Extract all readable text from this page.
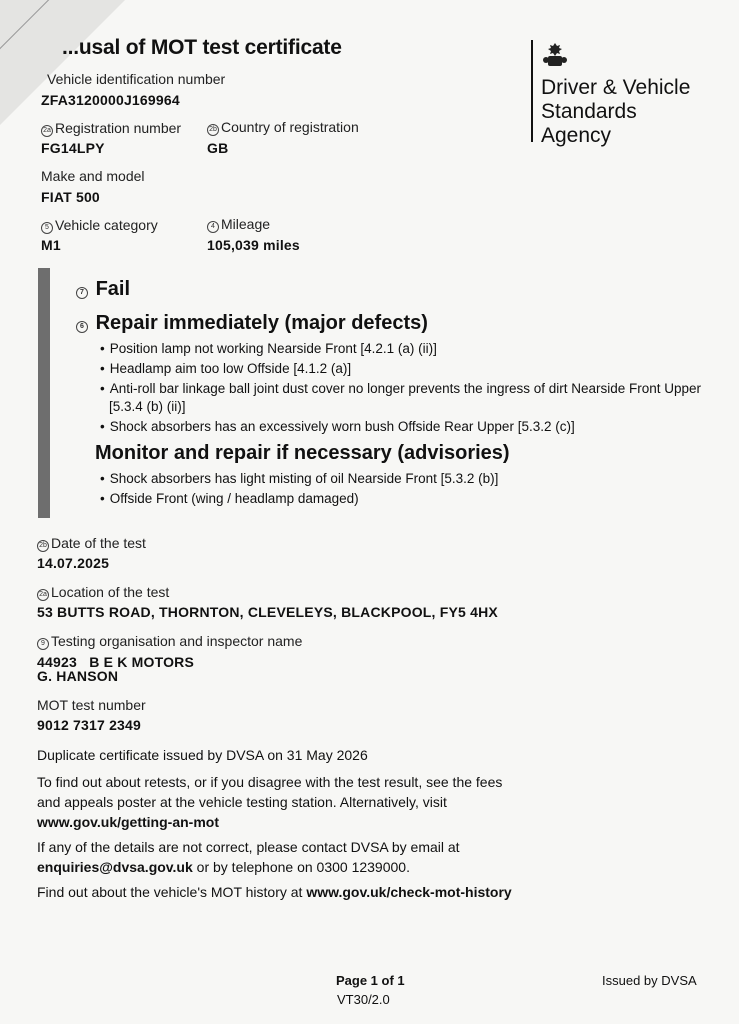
...usal of MOT test certificate
Driver & Vehicle
Standards
Agency
Vehicle identification number
ZFA3120000J169964
2a Registration number
FG14LPY
2b Country of registration
GB
Make and model
FIAT 500
5 Vehicle category
M1
4 Mileage
105,039 miles
7 Fail
6 Repair immediately (major defects)
• Position lamp not working Nearside Front [4.2.1 (a) (ii)]
• Headlamp aim too low Offside [4.1.2 (a)]
• Anti-roll bar linkage ball joint dust cover no longer prevents the ingress of dirt Nearside Front Upper [5.3.4 (b) (ii)]
• Shock absorbers has an excessively worn bush Offside Rear Upper [5.3.2 (c)]
Monitor and repair if necessary (advisories)
• Shock absorbers has light misting of oil Nearside Front [5.3.2 (b)]
• Offside Front (wing / headlamp damaged)
2b Date of the test
14.07.2025
2a Location of the test
53 BUTTS ROAD, THORNTON, CLEVELEYS, BLACKPOOL, FY5 4HX
9 Testing organisation and inspector name
44923 B E K MOTORS
G. HANSON
MOT test number
9012 7317 2349
Duplicate certificate issued by DVSA on 31 May 2026
To find out about retests, or if you disagree with the test result, see the fees and appeals poster at the vehicle testing station. Alternatively, visit
www.gov.uk/getting-an-mot
If any of the details are not correct, please contact DVSA by email at
enquiries@dvsa.gov.uk or by telephone on 0300 1239000.
Find out about the vehicle's MOT history at www.gov.uk/check-mot-history
Page 1 of 1
VT30/2.0
Issued by DVSA
